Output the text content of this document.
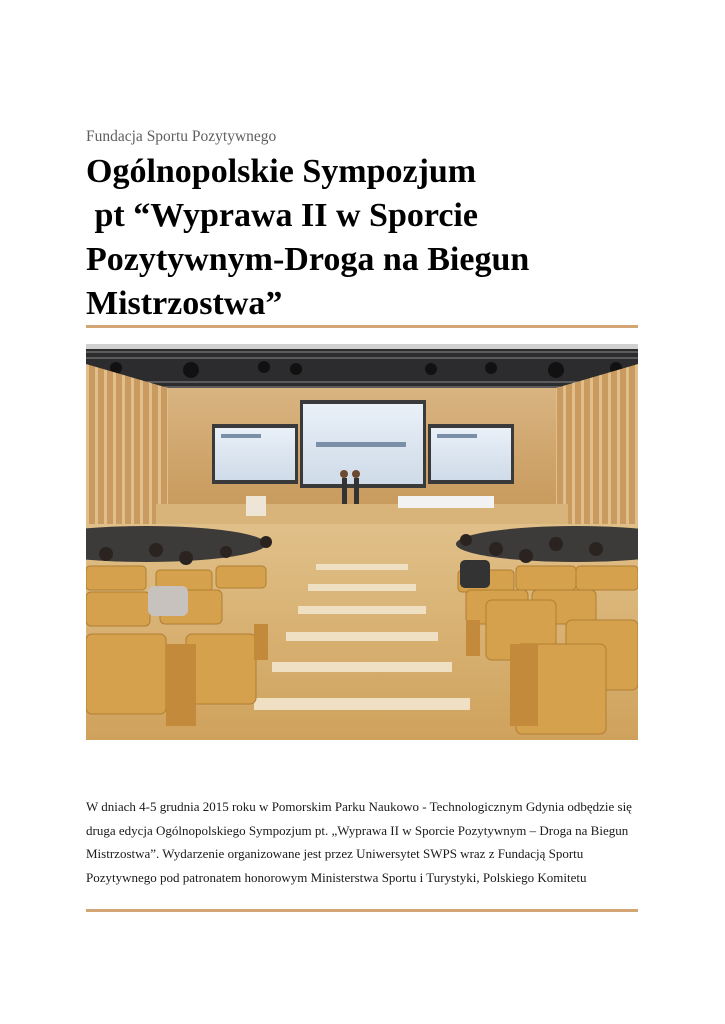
Fundacja Sportu Pozytywnego

Ogólnopolskie Sympozjum
pt “Wyprawa II w Sporcie
Pozytywnym-Droga na Biegun
Mistrzostwa”
W dniach 4-5 grudnia 2015 roku w Pomorskim Parku Naukowo - Technologicznym Gdynia odbędzie się
druga edycja Ogólnopolskiego Sympozjum pt. „Wyprawa II w Sporcie Pozytywnym – Droga na Biegun
Mistrzostwa”. Wydarzenie organizowane jest przez Uniwersytet SWPS wraz z Fundacją Sportu
Pozytywnego pod patronatem honorowym Ministerstwa Sportu i Turystyki, Polskiego Komitetu
